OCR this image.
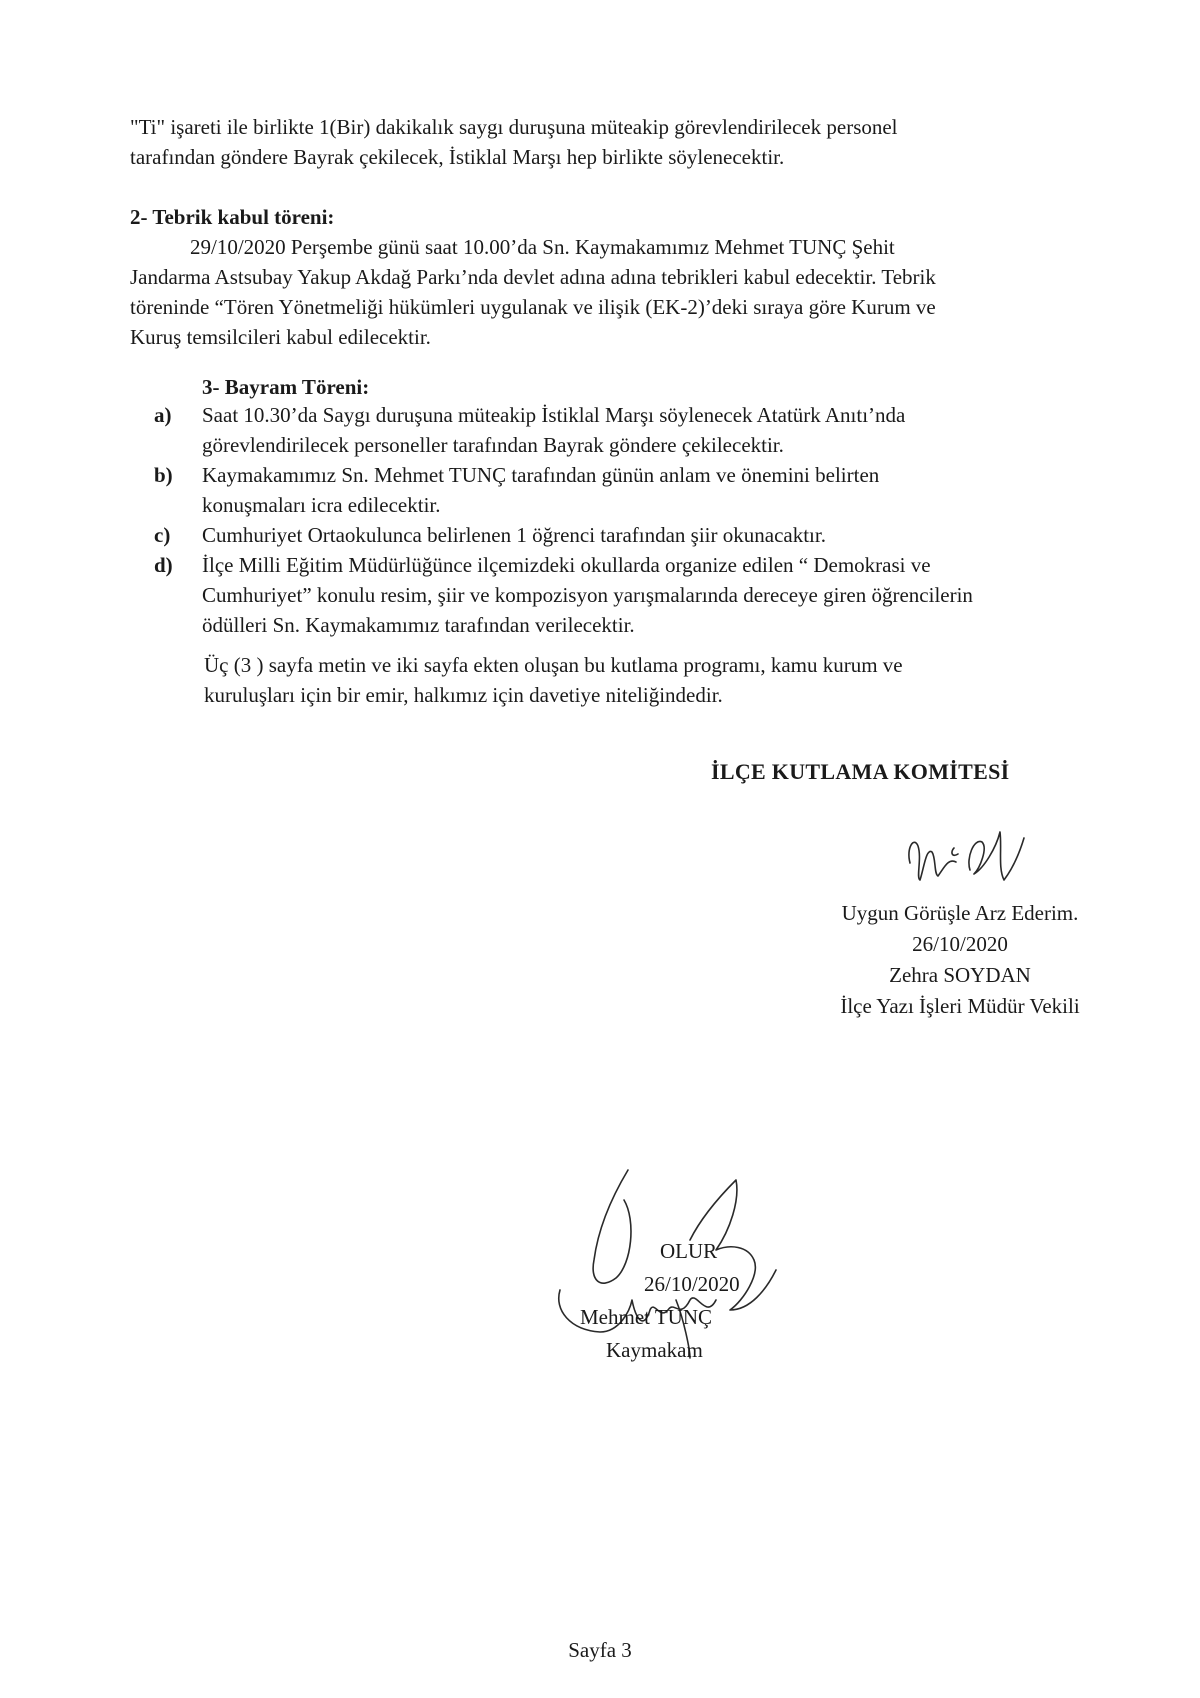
"Ti" işareti ile birlikte 1(Bir) dakikalık saygı duruşuna müteakip görevlendirilecek personel
tarafından göndere Bayrak çekilecek, İstiklal Marşı hep birlikte söylenecektir.
2- Tebrik kabul töreni:
29/10/2020 Perşembe günü saat 10.00’da Sn. Kaymakamımız Mehmet TUNÇ Şehit
Jandarma Astsubay Yakup Akdağ Parkı’nda devlet adına adına tebrikleri kabul edecektir. Tebrik
töreninde “Tören Yönetmeliği hükümleri uygulanak ve ilişik (EK-2)’deki sıraya göre Kurum ve
Kuruş temsilcileri kabul edilecektir.
3- Bayram Töreni:
a) Saat 10.30’da Saygı duruşuna müteakip İstiklal Marşı söylenecek Atatürk Anıtı’nda
görevlendirilecek personeller tarafından Bayrak göndere çekilecektir.
b) Kaymakamımız Sn. Mehmet TUNÇ tarafından günün anlam ve önemini belirten
konuşmaları icra edilecektir.
c) Cumhuriyet Ortaokulunca belirlenen 1 öğrenci tarafından şiir okunacaktır.
d) İlçe Milli Eğitim Müdürlüğünce ilçemizdeki okullarda organize edilen “ Demokrasi ve
Cumhuriyet” konulu resim, şiir ve kompozisyon yarışmalarında dereceye giren öğrencilerin
ödülleri Sn. Kaymakamımız tarafından verilecektir.
Üç (3 ) sayfa metin ve iki sayfa ekten oluşan bu kutlama programı, kamu kurum ve
kuruluşları için bir emir, halkımız için davetiye niteliğindedir.
İLÇE KUTLAMA KOMİTESİ
Uygun Görüşle Arz Ederim.
26/10/2020
Zehra SOYDAN
İlçe Yazı İşleri Müdür Vekili
OLUR
26/10/2020
Mehmet TUNÇ
Kaymakam
Sayfa 3
